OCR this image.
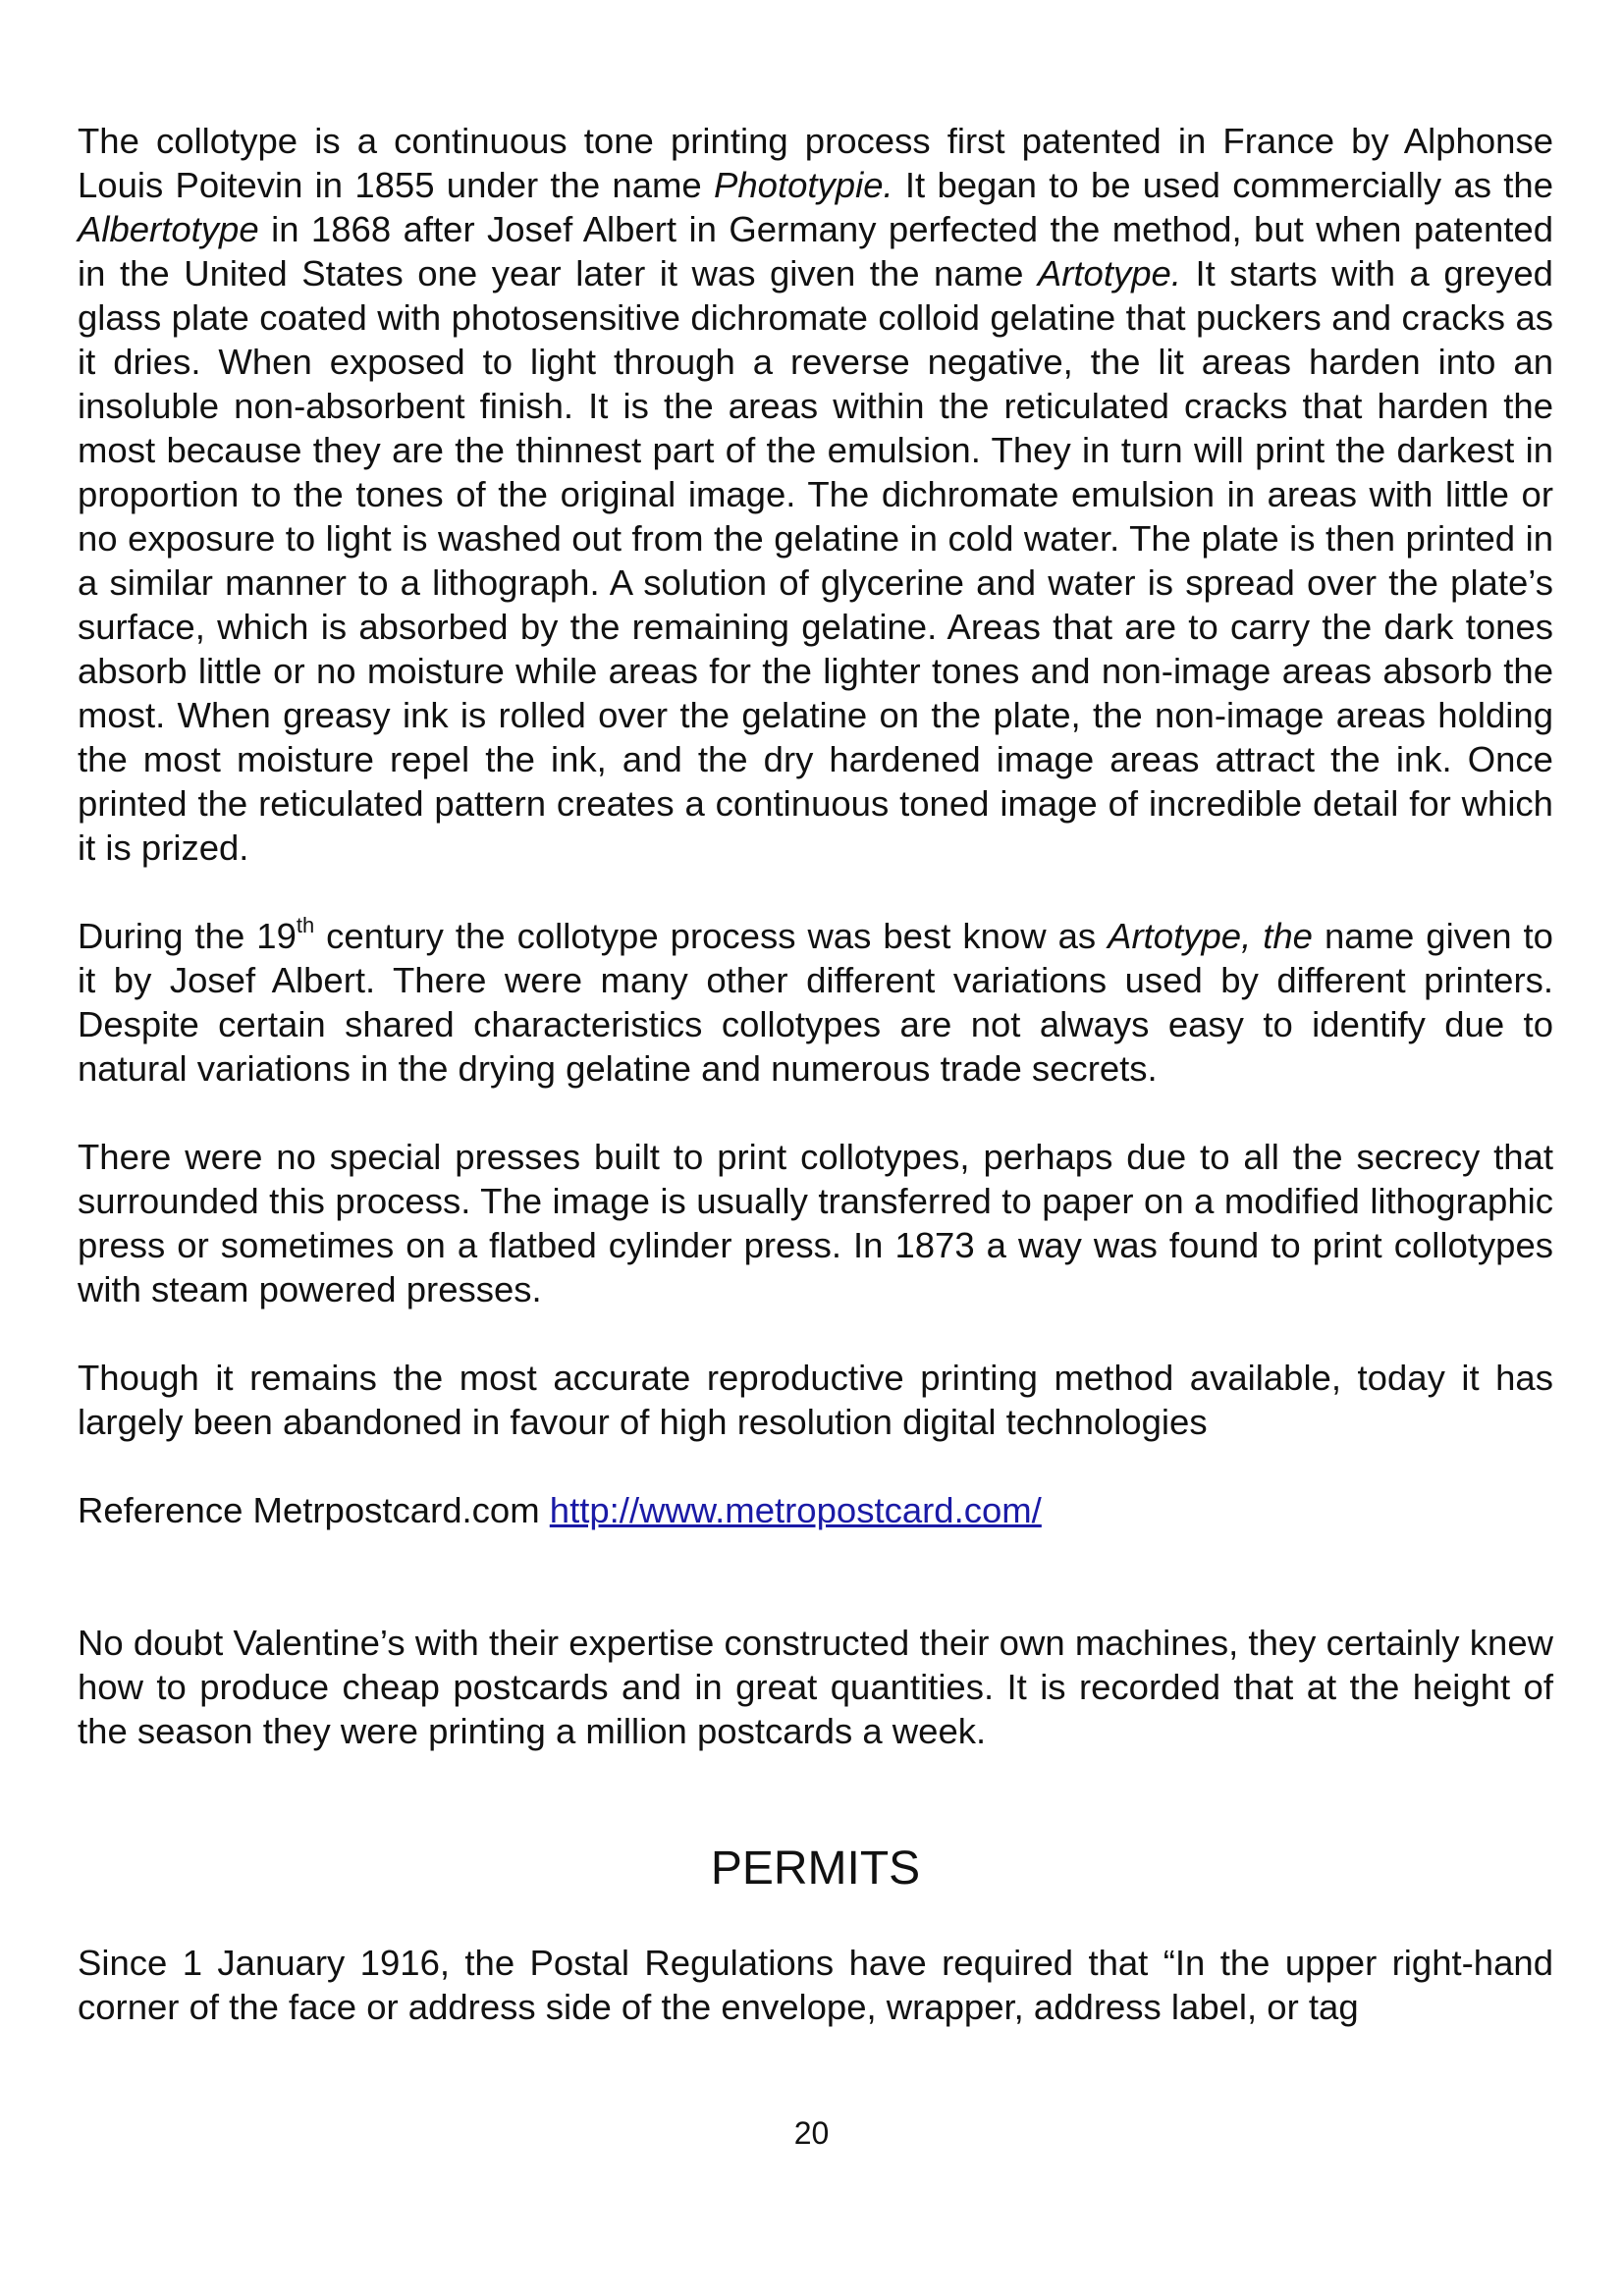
The collotype is a continuous tone printing process first patented in France by Alphonse Louis Poitevin in 1855 under the name Phototypie. It began to be used commercially as the Albertotype in 1868 after Josef Albert in Germany perfected the method, but when patented in the United States one year later it was given the name Artotype. It starts with a greyed glass plate coated with photosensitive dichromate colloid gelatine that puckers and cracks as it dries. When exposed to light through a reverse negative, the lit areas harden into an insoluble non-absorbent finish. It is the areas within the reticulated cracks that harden the most because they are the thinnest part of the emulsion. They in turn will print the darkest in proportion to the tones of the original image. The dichromate emulsion in areas with little or no exposure to light is washed out from the gelatine in cold water. The plate is then printed in a similar manner to a lithograph. A solution of glycerine and water is spread over the plate’s surface, which is absorbed by the remaining gelatine. Areas that are to carry the dark tones absorb little or no moisture while areas for the lighter tones and non-image areas absorb the most. When greasy ink is rolled over the gelatine on the plate, the non-image areas holding the most moisture repel the ink, and the dry hardened image areas attract the ink. Once printed the reticulated pattern creates a continuous toned image of incredible detail for which it is prized.

During the 19th century the collotype process was best know as Artotype, the name given to it by Josef Albert. There were many other different variations used by different printers. Despite certain shared characteristics collotypes are not always easy to identify due to natural variations in the drying gelatine and numerous trade secrets.

There were no special presses built to print collotypes, perhaps due to all the secrecy that surrounded this process. The image is usually transferred to paper on a modified lithographic press or sometimes on a flatbed cylinder press. In 1873 a way was found to print collotypes with steam powered presses.

Though it remains the most accurate reproductive printing method available, today it has largely been abandoned in favour of high resolution digital technologies

Reference Metrpostcard.com http://www.metropostcard.com/

No doubt Valentine’s with their expertise constructed their own machines, they certainly knew how to produce cheap postcards and in great quantities. It is recorded that at the height of the season they were printing a million postcards a week.

PERMITS

Since 1 January 1916, the Postal Regulations have required that “In the upper right-hand corner of the face or address side of the envelope, wrapper, address label, or tag

20
